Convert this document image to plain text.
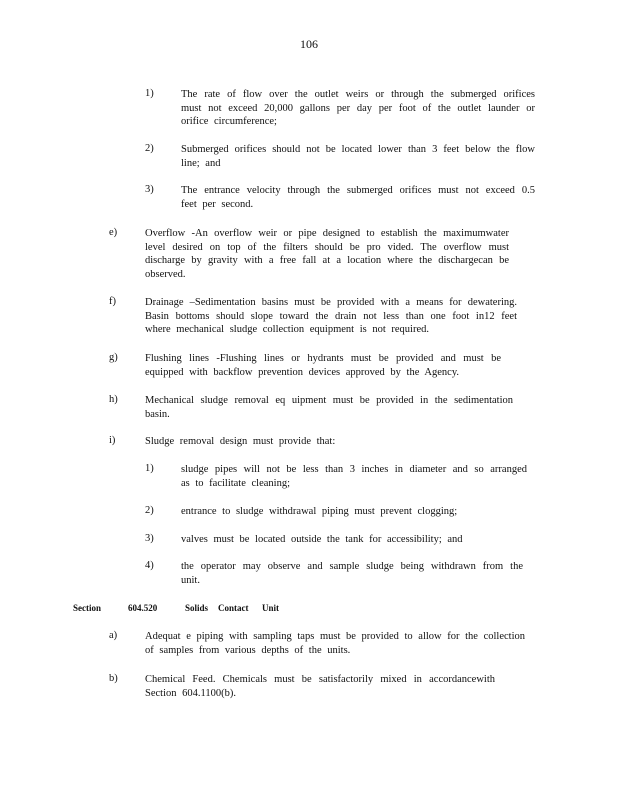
106
1)	The rate of flow over the outlet weirs or through the submerged orifices must not exceed 20,000 gallons per day per foot of the outlet launder or orifice circumference;
2)	Submerged orifices should not be located lower than 3 feet below the flow line; and
3)	The entrance velocity through the submerged orifices must not exceed 0.5 feet per second.
e)	Overflow -An overflow weir or pipe designed to establish the maximumwater level desired on top of the filters should be pro vided. The overflow must discharge by gravity with a free fall at a location where the dischargecan be observed.
f)	Drainage –Sedimentation basins must be provided with a means for dewatering. Basin bottoms should slope toward the drain not less than one foot in12 feet where mechanical sludge collection equipment is not required.
g)	Flushing lines -Flushing lines or hydrants must be provided and must be equipped with backflow prevention devices approved by the Agency.
h)	Mechanical sludge removal eq uipment must be provided in the sedimentation basin.
i)	Sludge removal design must provide that:
1)	sludge pipes will not be less than 3 inches in diameter and so arranged as to facilitate cleaning;
2)	entrance to sludge withdrawal piping must prevent clogging;
3)	valves must be located outside the tank for accessibility; and
4)	the operator may observe and sample sludge being withdrawn from the unit.
Section	604.520	Solids Contact Unit
a)	Adequat e piping with sampling taps must be provided to allow for the collection of samples from various depths of the units.
b)	Chemical Feed. Chemicals must be satisfactorily mixed in accordancewith Section 604.1100(b).
